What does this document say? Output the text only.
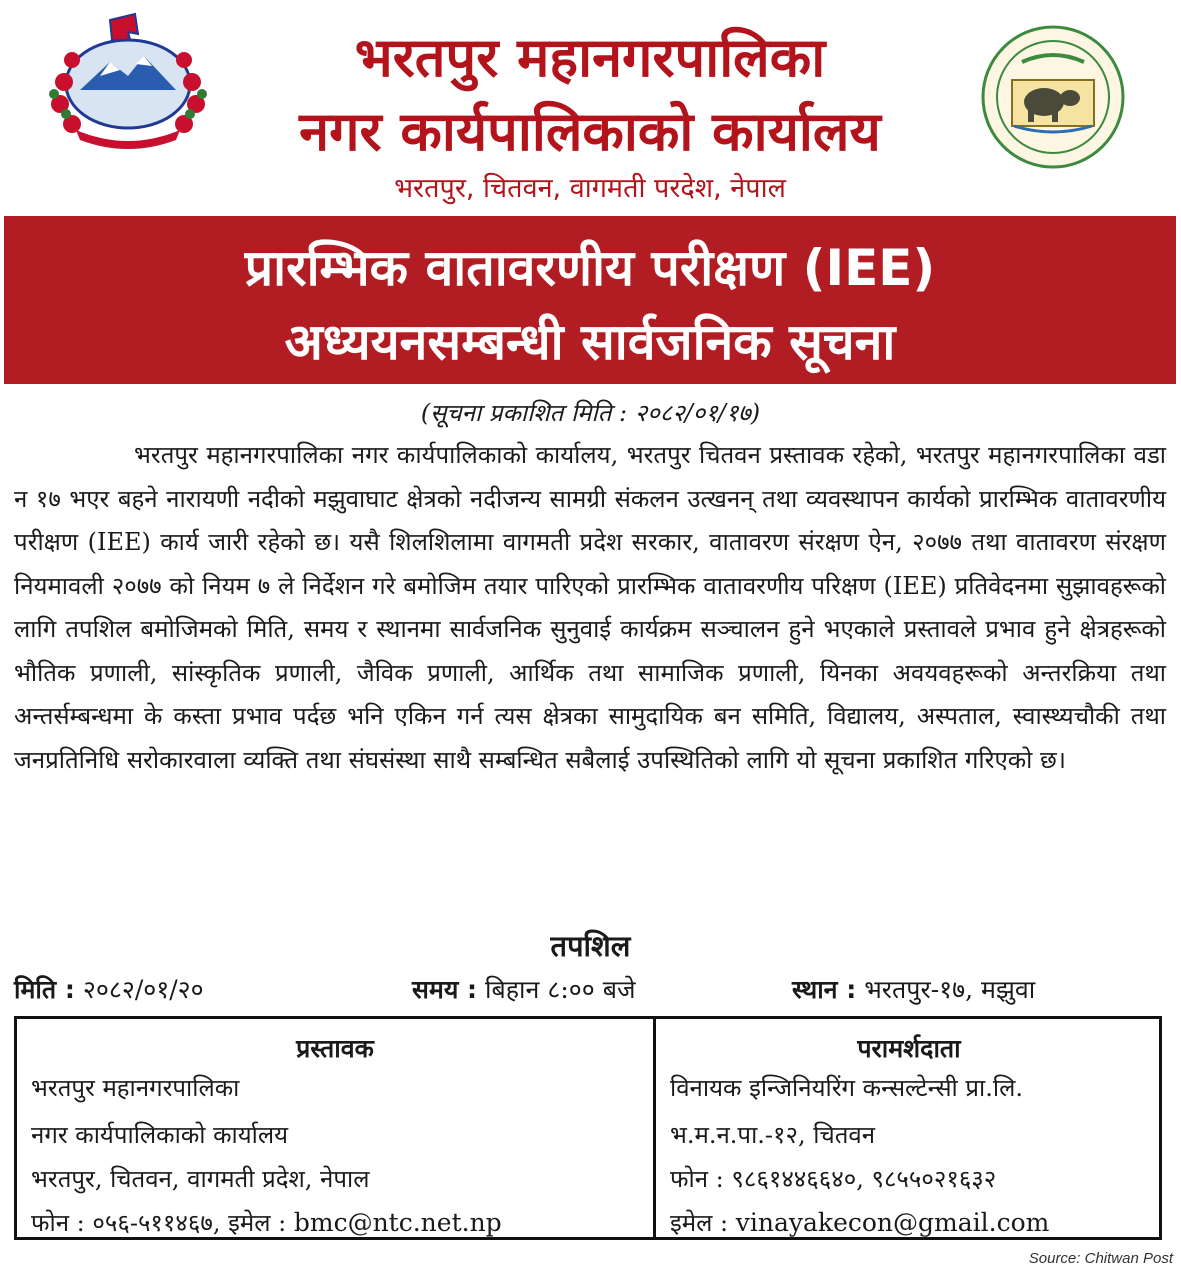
भरतपुर महानगरपालिका
नगर कार्यपालिकाको कार्यालय
भरतपुर, चितवन, वागमती परदेश, नेपाल
प्रारम्भिक वातावरणीय परीक्षण (IEE)
अध्ययनसम्बन्धी सार्वजनिक सूचना
(सूचना प्रकाशित मिति : २०८२/०१/१७)

भरतपुर महानगरपालिका नगर कार्यपालिकाको कार्यालय, भरतपुर चितवन प्रस्तावक रहेको, भरतपुर महानगरपालिका वडा न १७ भएर बहने नारायणी नदीको मझुवाघाट क्षेत्रको नदीजन्य सामग्री संकलन उत्खनन् तथा व्यवस्थापन कार्यको प्रारम्भिक वातावरणीय परीक्षण (IEE) कार्य जारी रहेको छ। यसै शिलशिलामा वागमती प्रदेश सरकार, वातावरण संरक्षण ऐन, २०७७ तथा वातावरण संरक्षण नियमावली २०७७ को नियम ७ ले निर्देशन गरे बमोजिम तयार पारिएको प्रारम्भिक वातावरणीय परिक्षण (IEE) प्रतिवेदनमा सुझावहरूको लागि तपशिल बमोजिमको मिति, समय र स्थानमा सार्वजनिक सुनुवाई कार्यक्रम सञ्चालन हुने भएकाले प्रस्तावले प्रभाव हुने क्षेत्रहरूको भौतिक प्रणाली, सांस्कृतिक प्रणाली, जैविक प्रणाली, आर्थिक तथा सामाजिक प्रणाली, यिनका अवयवहरूको अन्तरक्रिया तथा अन्तर्सम्बन्धमा के कस्ता प्रभाव पर्दछ भनि एकिन गर्न त्यस क्षेत्रका सामुदायिक बन समिति, विद्यालय, अस्पताल, स्वास्थ्यचौकी तथा जनप्रतिनिधि सरोकारवाला व्यक्ति तथा संघसंस्था साथै सम्बन्धित सबैलाई उपस्थितिको लागि यो सूचना प्रकाशित गरिएको छ।

तपशिल
मिति : २०८२/०१/२०	समय : बिहान ८:०० बजे	स्थान : भरतपुर-१७, मझुवा
प्रस्तावक
भरतपुर महानगरपालिका
नगर कार्यपालिकाको कार्यालय
भरतपुर, चितवन, वागमती प्रदेश, नेपाल
फोन : ०५६-५११४६७, इमेल : bmc@ntc.net.np
परामर्शदाता
विनायक इन्जिनियरिंग कन्सल्टेन्सी प्रा.लि.
भ.म.न.पा.-१२, चितवन
फोन : ९८६१४४६६४०, ९८५५०२१६३२
इमेल : vinayakecon@gmail.com
Source: Chitwan Post
